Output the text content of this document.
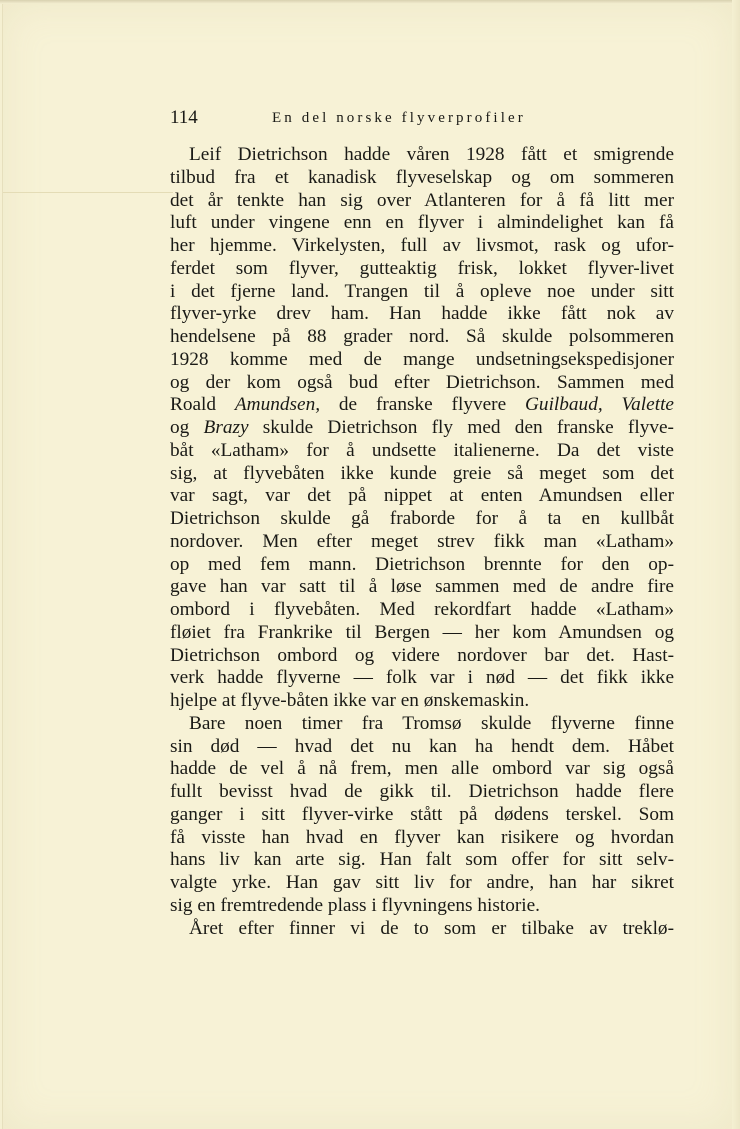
114	En del norske flyverprofiler
Leif Dietrichson hadde våren 1928 fått et smigrende
tilbud fra et kanadisk flyveselskap og om sommeren
det år tenkte han sig over Atlanteren for å få litt mer
luft under vingene enn en flyver i almindelighet kan få
her hjemme. Virkelysten, full av livsmot, rask og ufor-
ferdet som flyver, gutteaktig frisk, lokket flyver-livet
i det fjerne land. Trangen til å opleve noe under sitt
flyver-yrke drev ham. Han hadde ikke fått nok av
hendelsene på 88 grader nord. Så skulde polsommeren
1928 komme med de mange undsetningsekspedisjoner
og der kom også bud efter Dietrichson. Sammen med
Roald Amundsen, de franske flyvere Guilbaud, Valette
og Brazy skulde Dietrichson fly med den franske flyve-
båt «Latham» for å undsette italienerne. Da det viste
sig, at flyvebåten ikke kunde greie så meget som det
var sagt, var det på nippet at enten Amundsen eller
Dietrichson skulde gå fraborde for å ta en kullbåt
nordover. Men efter meget strev fikk man «Latham»
op med fem mann. Dietrichson brennte for den op-
gave han var satt til å løse sammen med de andre fire
ombord i flyvebåten. Med rekordfart hadde «Latham»
fløiet fra Frankrike til Bergen — her kom Amundsen og
Dietrichson ombord og videre nordover bar det. Hast-
verk hadde flyverne — folk var i nød — det fikk ikke
hjelpe at flyve-båten ikke var en ønskemaskin.
Bare noen timer fra Tromsø skulde flyverne finne
sin død — hvad det nu kan ha hendt dem. Håbet
hadde de vel å nå frem, men alle ombord var sig også
fullt bevisst hvad de gikk til. Dietrichson hadde flere
ganger i sitt flyver-virke stått på dødens terskel. Som
få visste han hvad en flyver kan risikere og hvordan
hans liv kan arte sig. Han falt som offer for sitt selv-
valgte yrke. Han gav sitt liv for andre, han har sikret
sig en fremtredende plass i flyvningens historie.
Året efter finner vi de to som er tilbake av treklø-
